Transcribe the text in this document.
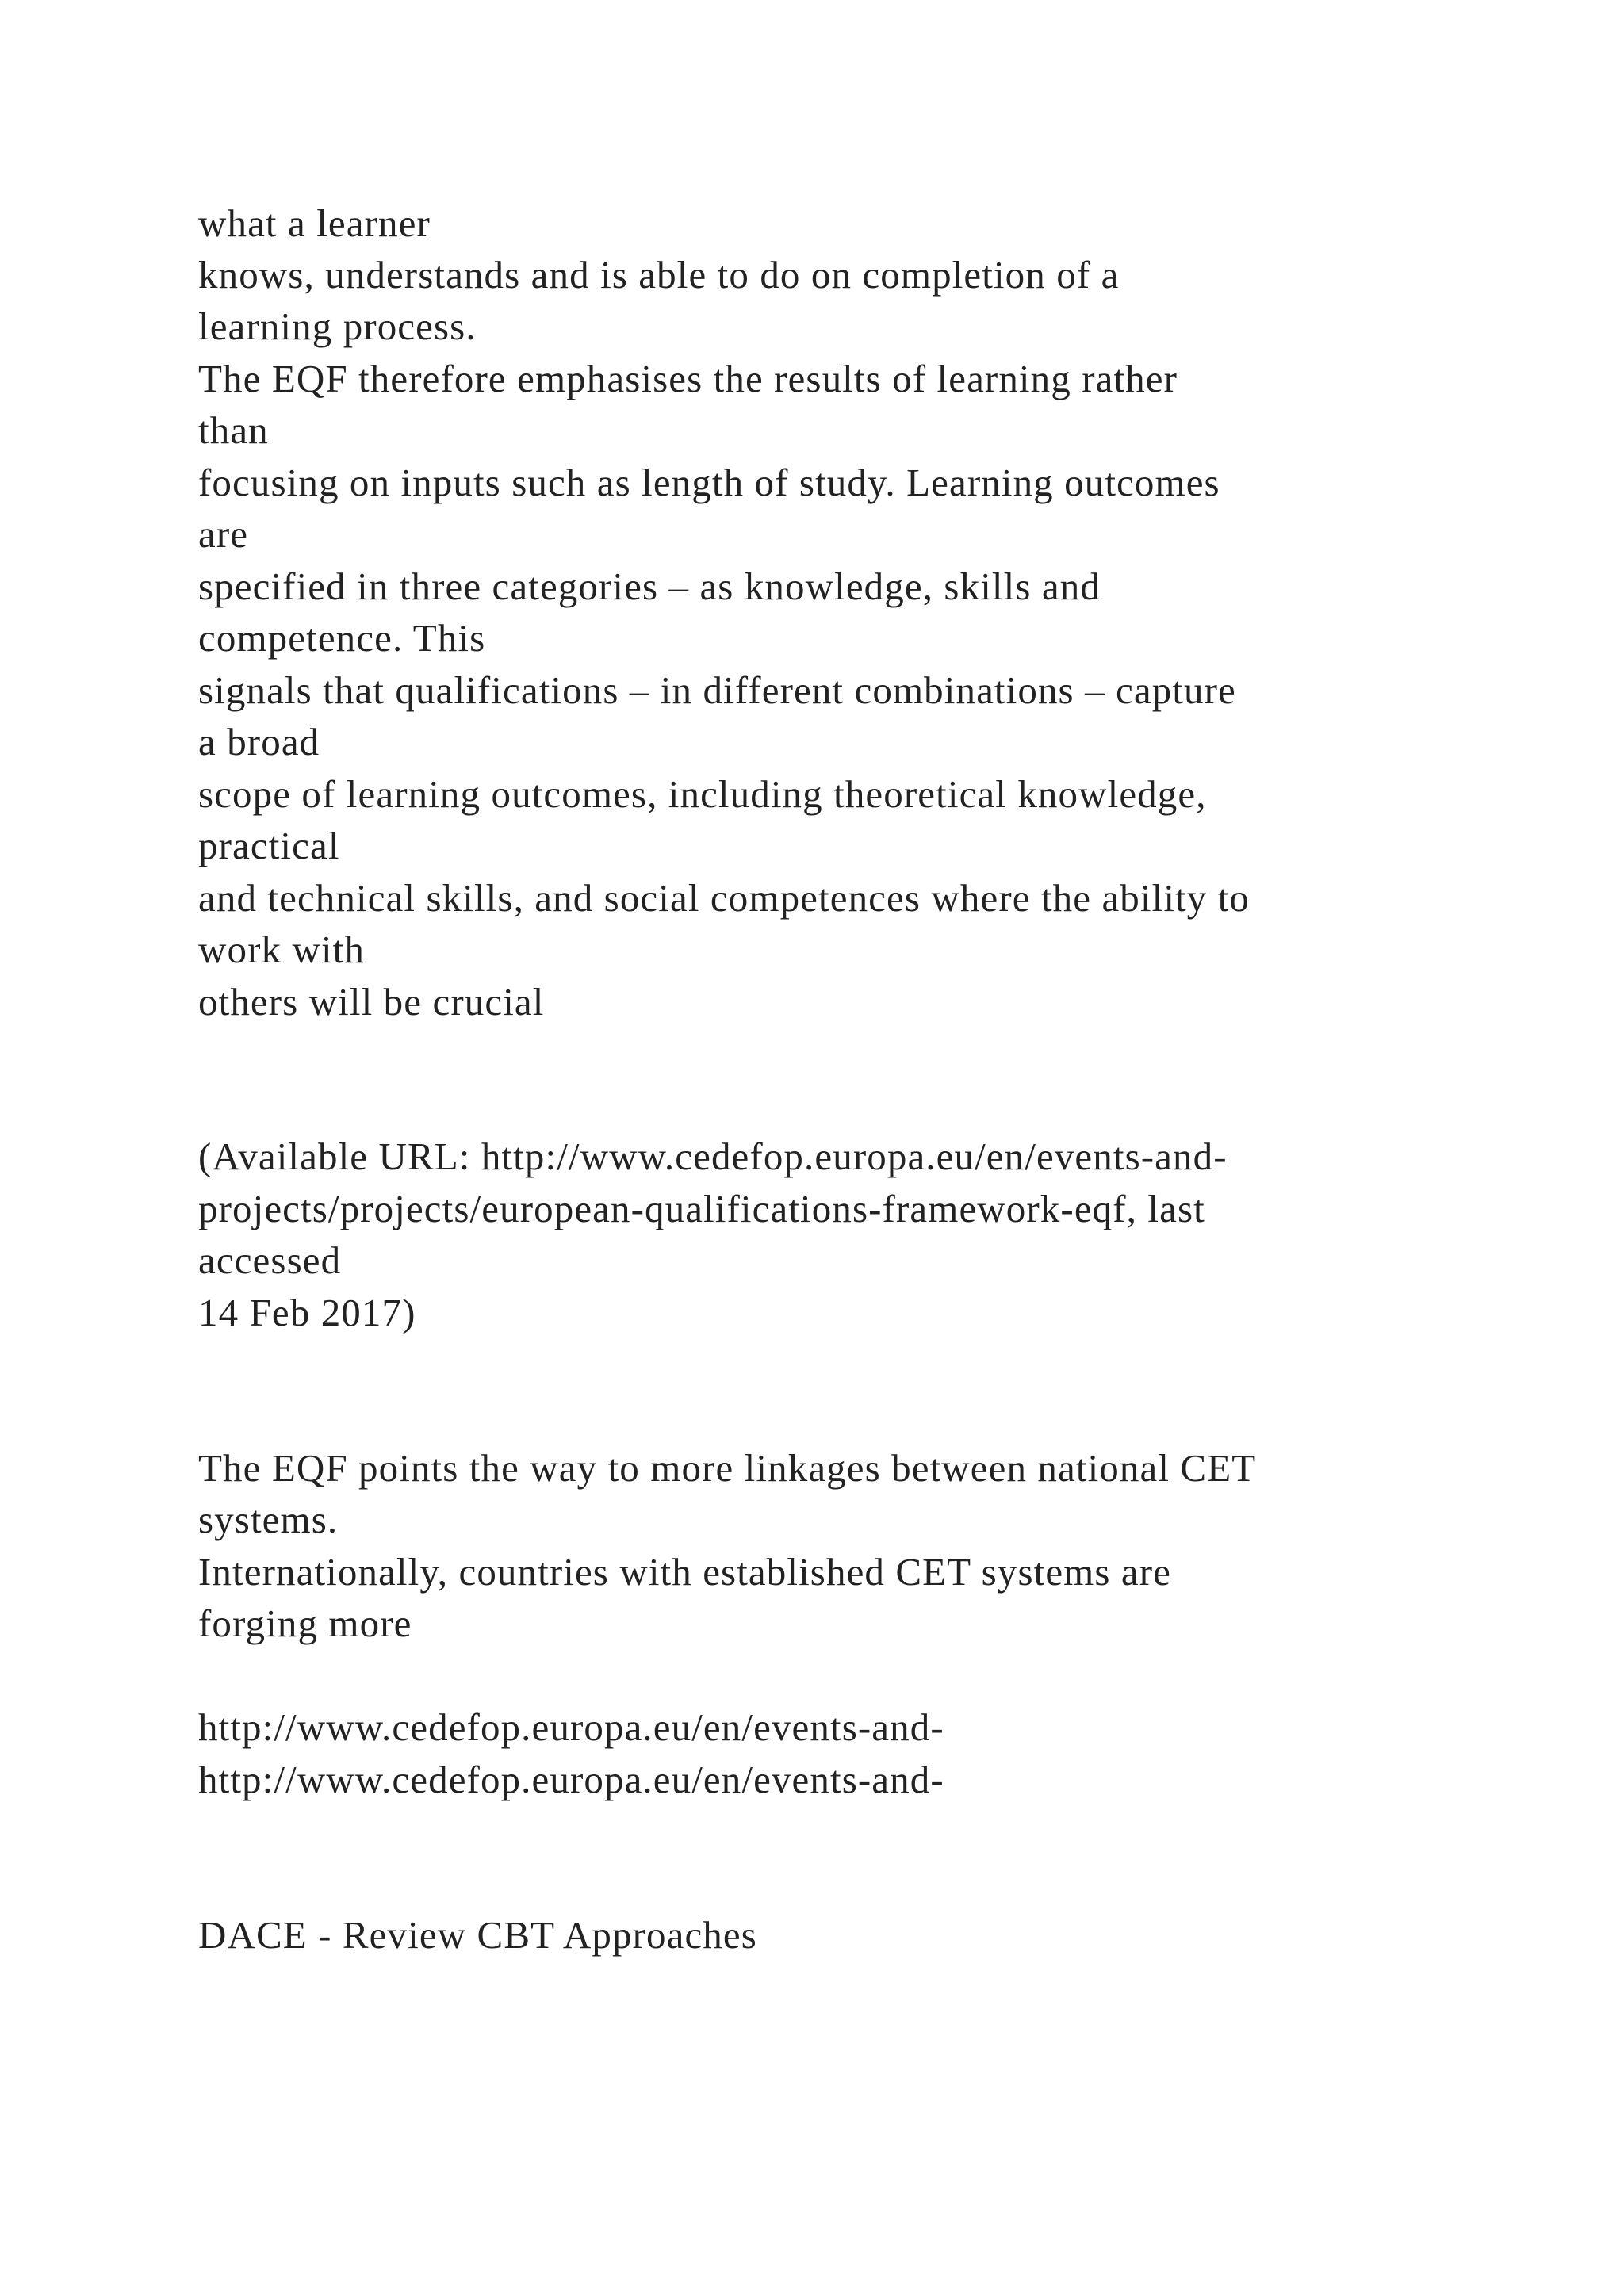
what a learner

knows, understands and is able to do on completion of a

learning process.

The EQF therefore emphasises the results of learning rather

than

focusing on inputs such as length of study. Learning outcomes

are

specified in three categories – as knowledge, skills and

competence. This

signals that qualifications – in different combinations – capture

a broad

scope of learning outcomes, including theoretical knowledge,

practical

and technical skills, and social competences where the ability to

work with

others will be crucial

(Available URL: http://www.cedefop.europa.eu/en/events-and-

projects/projects/european-qualifications-framework-eqf, last

accessed

14 Feb 2017)

The EQF points the way to more linkages between national CET

systems.

Internationally, countries with established CET systems are

forging more

http://www.cedefop.europa.eu/en/events-and-

http://www.cedefop.europa.eu/en/events-and-

DACE - Review CBT Approaches
